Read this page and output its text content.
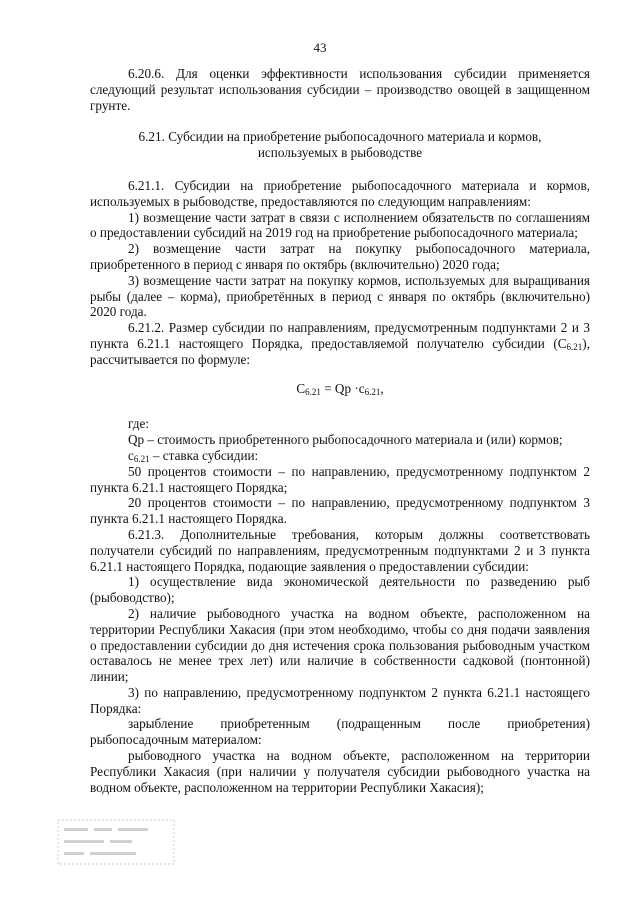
43

6.20.6. Для оценки эффективности использования субсидии применяется следующий результат использования субсидии – производство овощей в защищенном грунте.

6.21. Субсидии на приобретение рыбопосадочного материала и кормов,
используемых в рыбоводстве

6.21.1. Субсидии на приобретение рыбопосадочного материала и кормов, используемых в рыбоводстве, предоставляются по следующим направлениям:

1) возмещение части затрат в связи с исполнением обязательств по соглашениям о предоставлении субсидий на 2019 год на приобретение рыбопосадочного материала;

2) возмещение части затрат на покупку рыбопосадочного материала, приобретенного в период с января по октябрь (включительно) 2020 года;

3) возмещение части затрат на покупку кормов, используемых для выращивания рыбы (далее – корма), приобретённых в период с января по октябрь (включительно) 2020 года.

6.21.2. Размер субсидии по направлениям, предусмотренным подпунктами 2 и 3 пункта 6.21.1 настоящего Порядка, предоставляемой получателю субсидии $(С_{6.21})$, рассчитывается по формуле:

$С_{6.21} = Qp \cdot c_{6.21}$,

где:

Qp – стоимость приобретенного рыбопосадочного материала и (или) кормов;

$с_{6.21}$ – ставка субсидии:

50 процентов стоимости – по направлению, предусмотренному подпунктом 2 пункта 6.21.1 настоящего Порядка;

20 процентов стоимости – по направлению, предусмотренному подпунктом 3 пункта 6.21.1 настоящего Порядка.

6.21.3. Дополнительные требования, которым должны соответствовать получатели субсидий по направлениям, предусмотренным подпунктами 2 и 3 пункта 6.21.1 настоящего Порядка, подающие заявления о предоставлении субсидии:

1) осуществление вида экономической деятельности по разведению рыб (рыбоводство);

2) наличие рыбоводного участка на водном объекте, расположенном на территории Республики Хакасия (при этом необходимо, чтобы со дня подачи заявления о предоставлении субсидии до дня истечения срока пользования рыбоводным участком оставалось не менее трех лет) или наличие в собственности садковой (понтонной) линии;

3) по направлению, предусмотренному подпунктом 2 пункта 6.21.1 настоящего Порядка:

зарыбление приобретенным (подращенным после приобретения)

рыбопосадочным материалом:

рыбоводного участка на водном объекте, расположенном на территории Республики Хакасия (при наличии у получателя субсидии рыбоводного участка на водном объекте, расположенном на территории Республики Хакасия);
